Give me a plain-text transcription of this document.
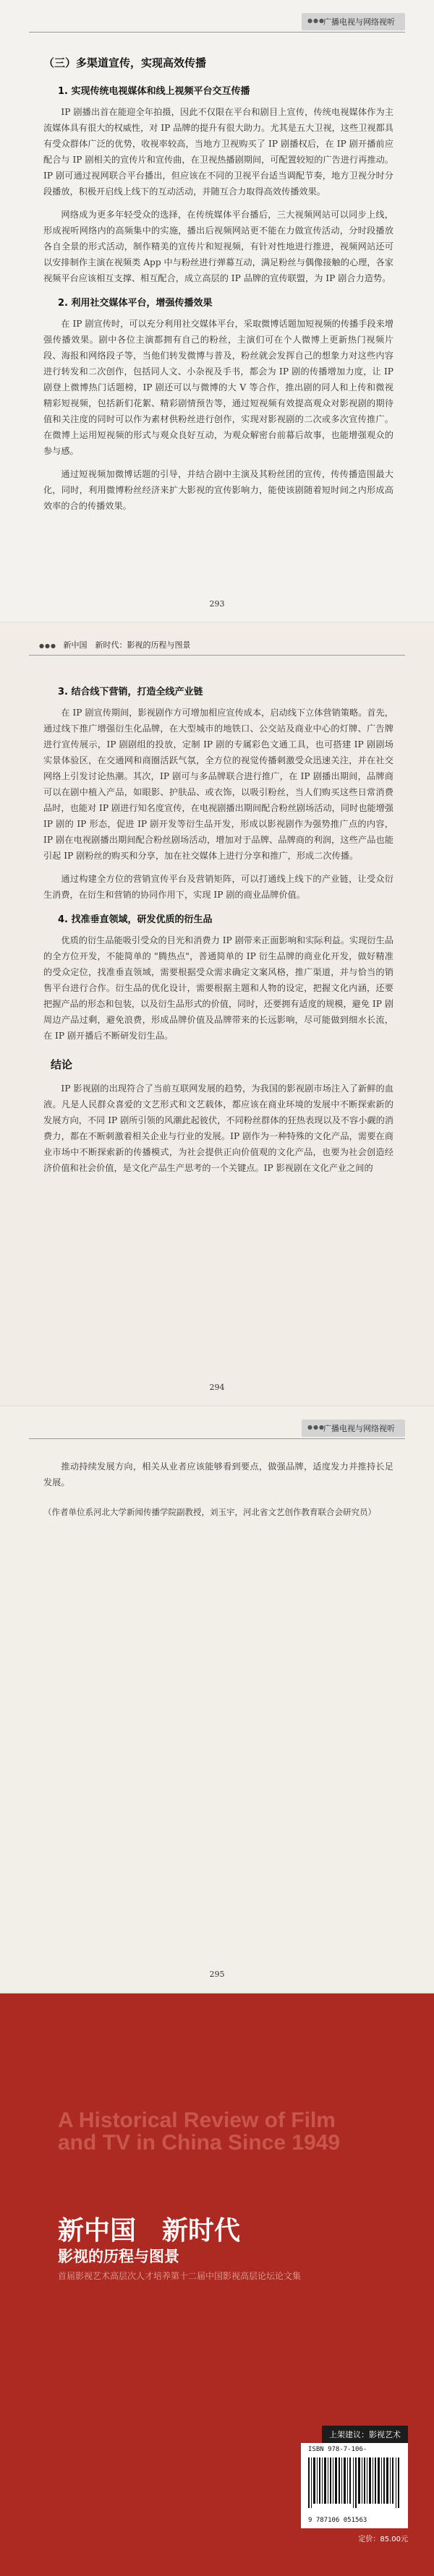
●●●
广播电视与网络视听
（三）多渠道宣传，实现高效传播
1. 实现传统电视媒体和线上视频平台交互传播

IP 剧播出首在能迎全年拍摄，因此不仅限在平台和剧目上宣传，传统电视媒体作为主流媒体具有很大的权威性，对 IP 品牌的提升有很大助力。尤其是五大卫视，这些卫视都具有受众群体广泛的优势，收视率较高，当地方卫视购买了 IP 剧播权后，在 IP 剧开播前应配合与 IP 剧相关的宣传片和宣传曲，在卫视热播剧期间，可配置较短的广告进行再推动。IP 剧可通过视网联合平台播出，但应该在不同的卫视平台适当调配节奏，地方卫视分时分段播放，积极开启线上线下的互动活动，并随互合力取得高效传播效果。

网络成为更多年轻受众的选择，在传统媒体平台播后，三大视频网站可以同步上线，形成视听网络内的高频集中的实施，播出后视频网站更不能在力做宣传活动，分时段播放各自全景的形式活动，制作精美的宣传片和短视频，有针对性地进行推进，视频网站还可以安排制作主演在视频类 App 中与粉丝进行弹幕互动，满足粉丝与偶像接触的心理，各家视频平台应该相互支撑、相互配合，成立高层的 IP 品牌的宣传联盟，为 IP 剧合力造势。

2. 利用社交媒体平台，增强传播效果

在 IP 剧宣传时，可以充分利用社交媒体平台，采取微博话题加短视频的传播手段来增强传播效果。剧中各位主演都拥有自己的粉丝，主演们可在个人微博上更新热门视频片段、海报和网络段子等，当他们转发微博与普及，粉丝就会发挥自己的想象力对这些内容进行转发和二次创作，包括同人文、小杂视及手书，都会为 IP 剧的传播增加力度，让 IP 剧登上微博热门话题榜，IP 剧还可以与微博的大 V 等合作，推出剧的同人和上传和微视精彩短视频，包括新们花絮、精彩剧情预告等，通过短视频有效提高观众对影视剧的期待值和关注度的同时可以作为素材供粉丝进行创作，实现对影视剧的二次或多次宣传推广。在微博上运用短视频的形式与观众良好互动，为观众解密台前幕后故事，也能增强观众的参与感。

通过短视频加微博话题的引导，并结合剧中主演及其粉丝团的宣传，传传播造围最大化，同时，利用微博粉丝经济来扩大影视的宣传影响力，能使该剧随着短时间之内形成高效率的合的传播效果。

293
●●● 新中国　新时代：影视的历程与图景
3. 结合线下营销，打造全线产业链

在 IP 剧宣传期间，影视剧作方可增加相应宣传成本，启动线下立体营销策略。首先，通过线下推广增强衍生化品牌，在大型城市的地铁口、公交站及商业中心的灯牌、广告牌进行宣传展示，IP 剧剧组的投放，定制 IP 剧的专属彩色文通工具，也可搭建 IP 剧剧场实景体验区，在交通网和商圈活跃气氛，全方位的视觉传播刺激受众迅速关注，并在社交网络上引发讨论热潮。其次，IP 剧可与多品牌联合进行推广，在 IP 剧播出期间，品牌商可以在剧中植入产品，如眼影、护肤品、或衣饰，以吸引粉丝，当人们购买这些日常消费品时，也能对 IP 剧进行知名度宣传，在电视剧播出期间配合粉丝剧场活动，同时也能增强 IP 剧的 IP 形态，促进 IP 剧开发等衍生品开发，形成以影视剧作为强势推广点的内容，IP 剧在电视剧播出期间配合粉丝剧场活动，增加对于品牌、品牌商的利润，这些产品也能引起 IP 剧粉丝的购买和分享，加在社交媒体上进行分享和推广，形成二次传播。

通过构建全方位的营销宣传平台及营销矩阵，可以打通线上线下的产业链，让受众衍生消费，在衍生和营销的协同作用下，实现 IP 剧的商业品牌价值。

4. 找准垂直领域，研发优质的衍生品

优质的衍生品能吸引受众的目光和消费力 IP 剧带来正面影响和实际利益。实现衍生品的全方位开发，不能简单的 "腾热点"，普通简单的 IP 衍生品牌的商业化开发，做好精准的受众定位，找准垂直领域，需要根据受众需求确定文案风格，推广渠道，并与恰当的销售平台进行合作。衍生品的优化设计，需要根据主题和人物的设定，把握文化内涵，还要把握产品的形态和包装，以及衍生品形式的价值，同时，还要拥有适度的规模，避免 IP 剧周边产品过剩，避免浪费，形成品牌价值及品牌带来的长远影响，尽可能做到细水长流，在 IP 剧开播后不断研发衍生品。

结论

IP 影视剧的出现符合了当前互联网发展的趋势，为我国的影视剧市场注入了新鲜的血液。凡是人民群众喜爱的文艺形式和文艺载体，都应该在商业环境的发展中不断探索新的发展方向，不同 IP 剧所引领的风潮此起彼伏，不同粉丝群体的狂热表现以及不容小觑的消费力，都在不断刺激着相关企业与行业的发展。IP 剧作为一种特殊的文化产品，需要在商业市场中不断探索新的传播模式，为社会提供正向价值观的文化产品，也要为社会创造经济价值和社会价值，是文化产品生产思考的一个关键点。IP 影视剧在文化产业之间的

294
●●●
广播电视与网络视听

推动持续发展方向，相关从业者应该能够看到要点，做强品牌，适度发力并推持长足发展。

（作者单位系河北大学新闻传播学院副教授，刘玉宇，河北省文艺创作教育联合会研究员）
295
A Historical Review of Film and TV in China Since 1949
新中国　新时代
影视的历程与图景
首届影视艺术高层次人才培养第十二届中国影视高层论坛论文集
上架建议：影视艺术
ISBN 978-7-106-
9 787106 051563
定价：85.00元
